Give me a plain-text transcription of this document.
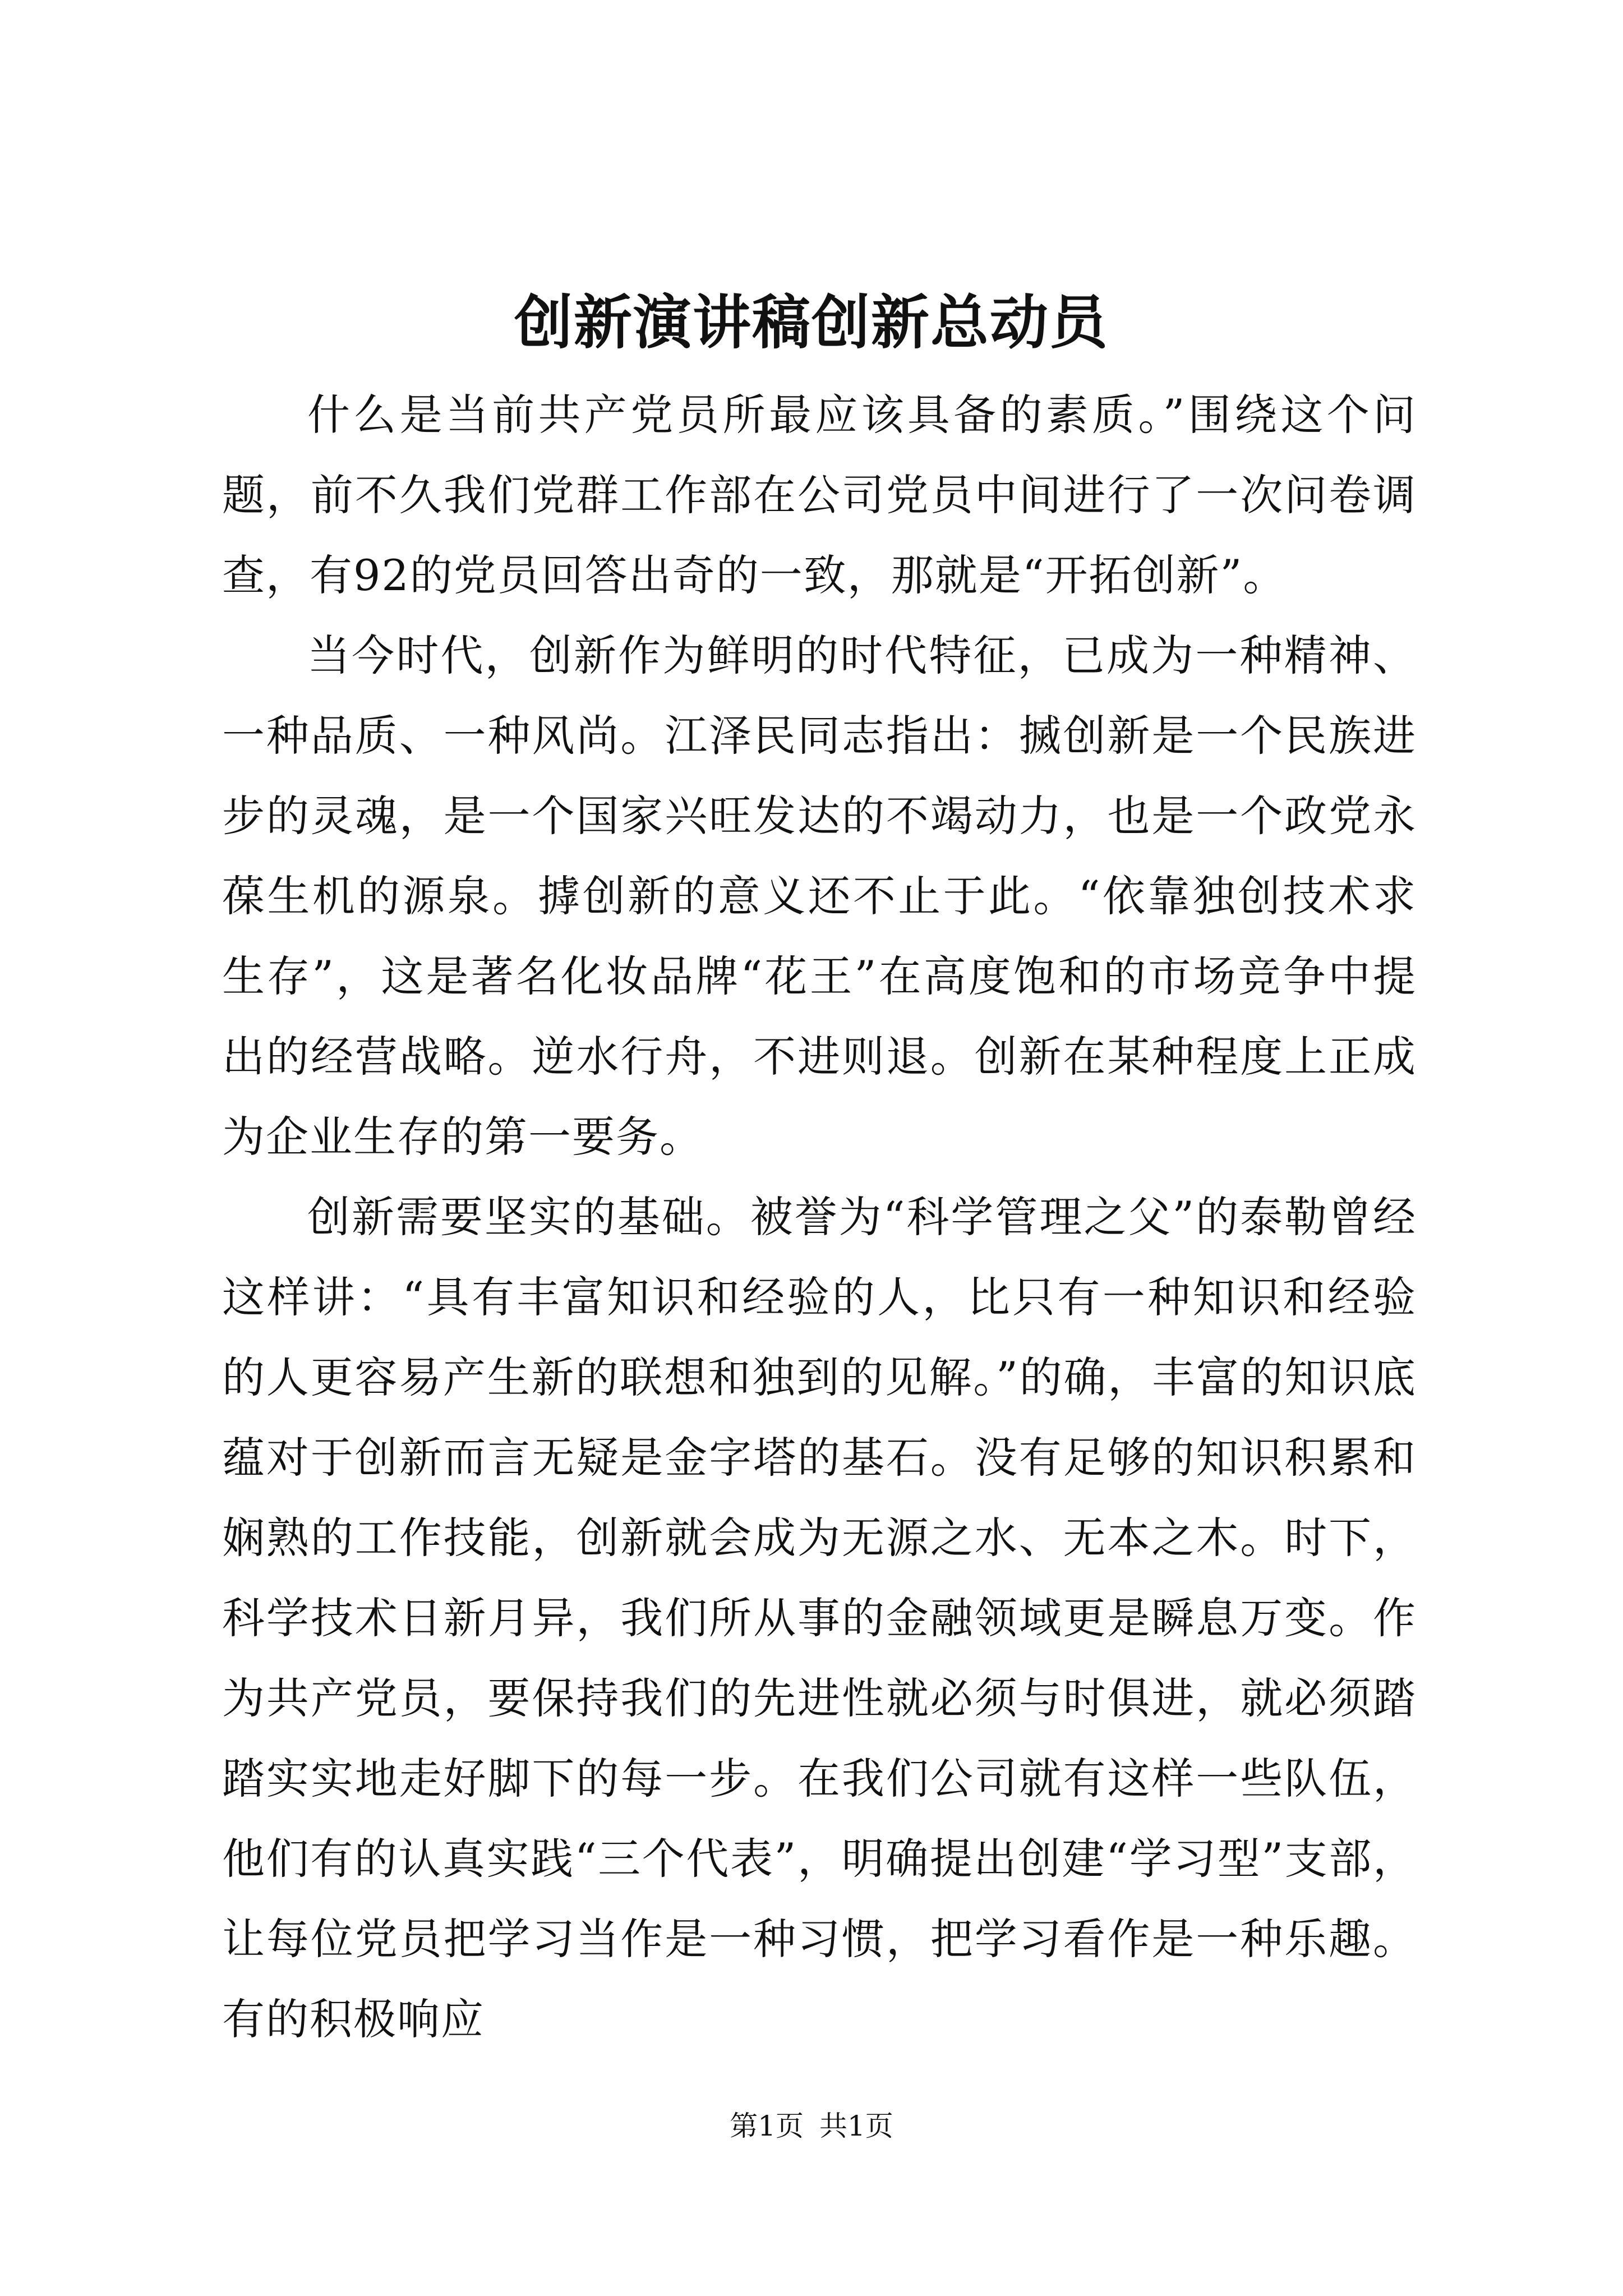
创新演讲稿创新总动员

什么是当前共产党员所最应该具备的素质。”围绕这个问题，前不久我们党群工作部在公司党员中间进行了一次问卷调查，有92的党员回答出奇的一致，那就是“开拓创新”。

当今时代，创新作为鲜明的时代特征，已成为一种精神、一种品质、一种风尚。江泽民同志指出：搣创新是一个民族进步的灵魂，是一个国家兴旺发达的不竭动力，也是一个政党永葆生机的源泉。摢创新的意义还不止于此。“依靠独创技术求生存”，这是著名化妆品牌“花王”在高度饱和的市场竞争中提出的经营战略。逆水行舟，不进则退。创新在某种程度上正成为企业生存的第一要务。

创新需要坚实的基础。被誉为“科学管理之父”的泰勒曾经这样讲：“具有丰富知识和经验的人，比只有一种知识和经验的人更容易产生新的联想和独到的见解。”的确，丰富的知识底蕴对于创新而言无疑是金字塔的基石。没有足够的知识积累和娴熟的工作技能，创新就会成为无源之水、无本之木。时下，科学技术日新月异，我们所从事的金融领域更是瞬息万变。作为共产党员，要保持我们的先进性就必须与时俱进，就必须踏踏实实地走好脚下的每一步。在我们公司就有这样一些队伍，他们有的认真实践“三个代表”，明确提出创建“学习型”支部，让每位党员把学习当作是一种习惯，把学习看作是一种乐趣。有的积极响应

第1页 共1页
